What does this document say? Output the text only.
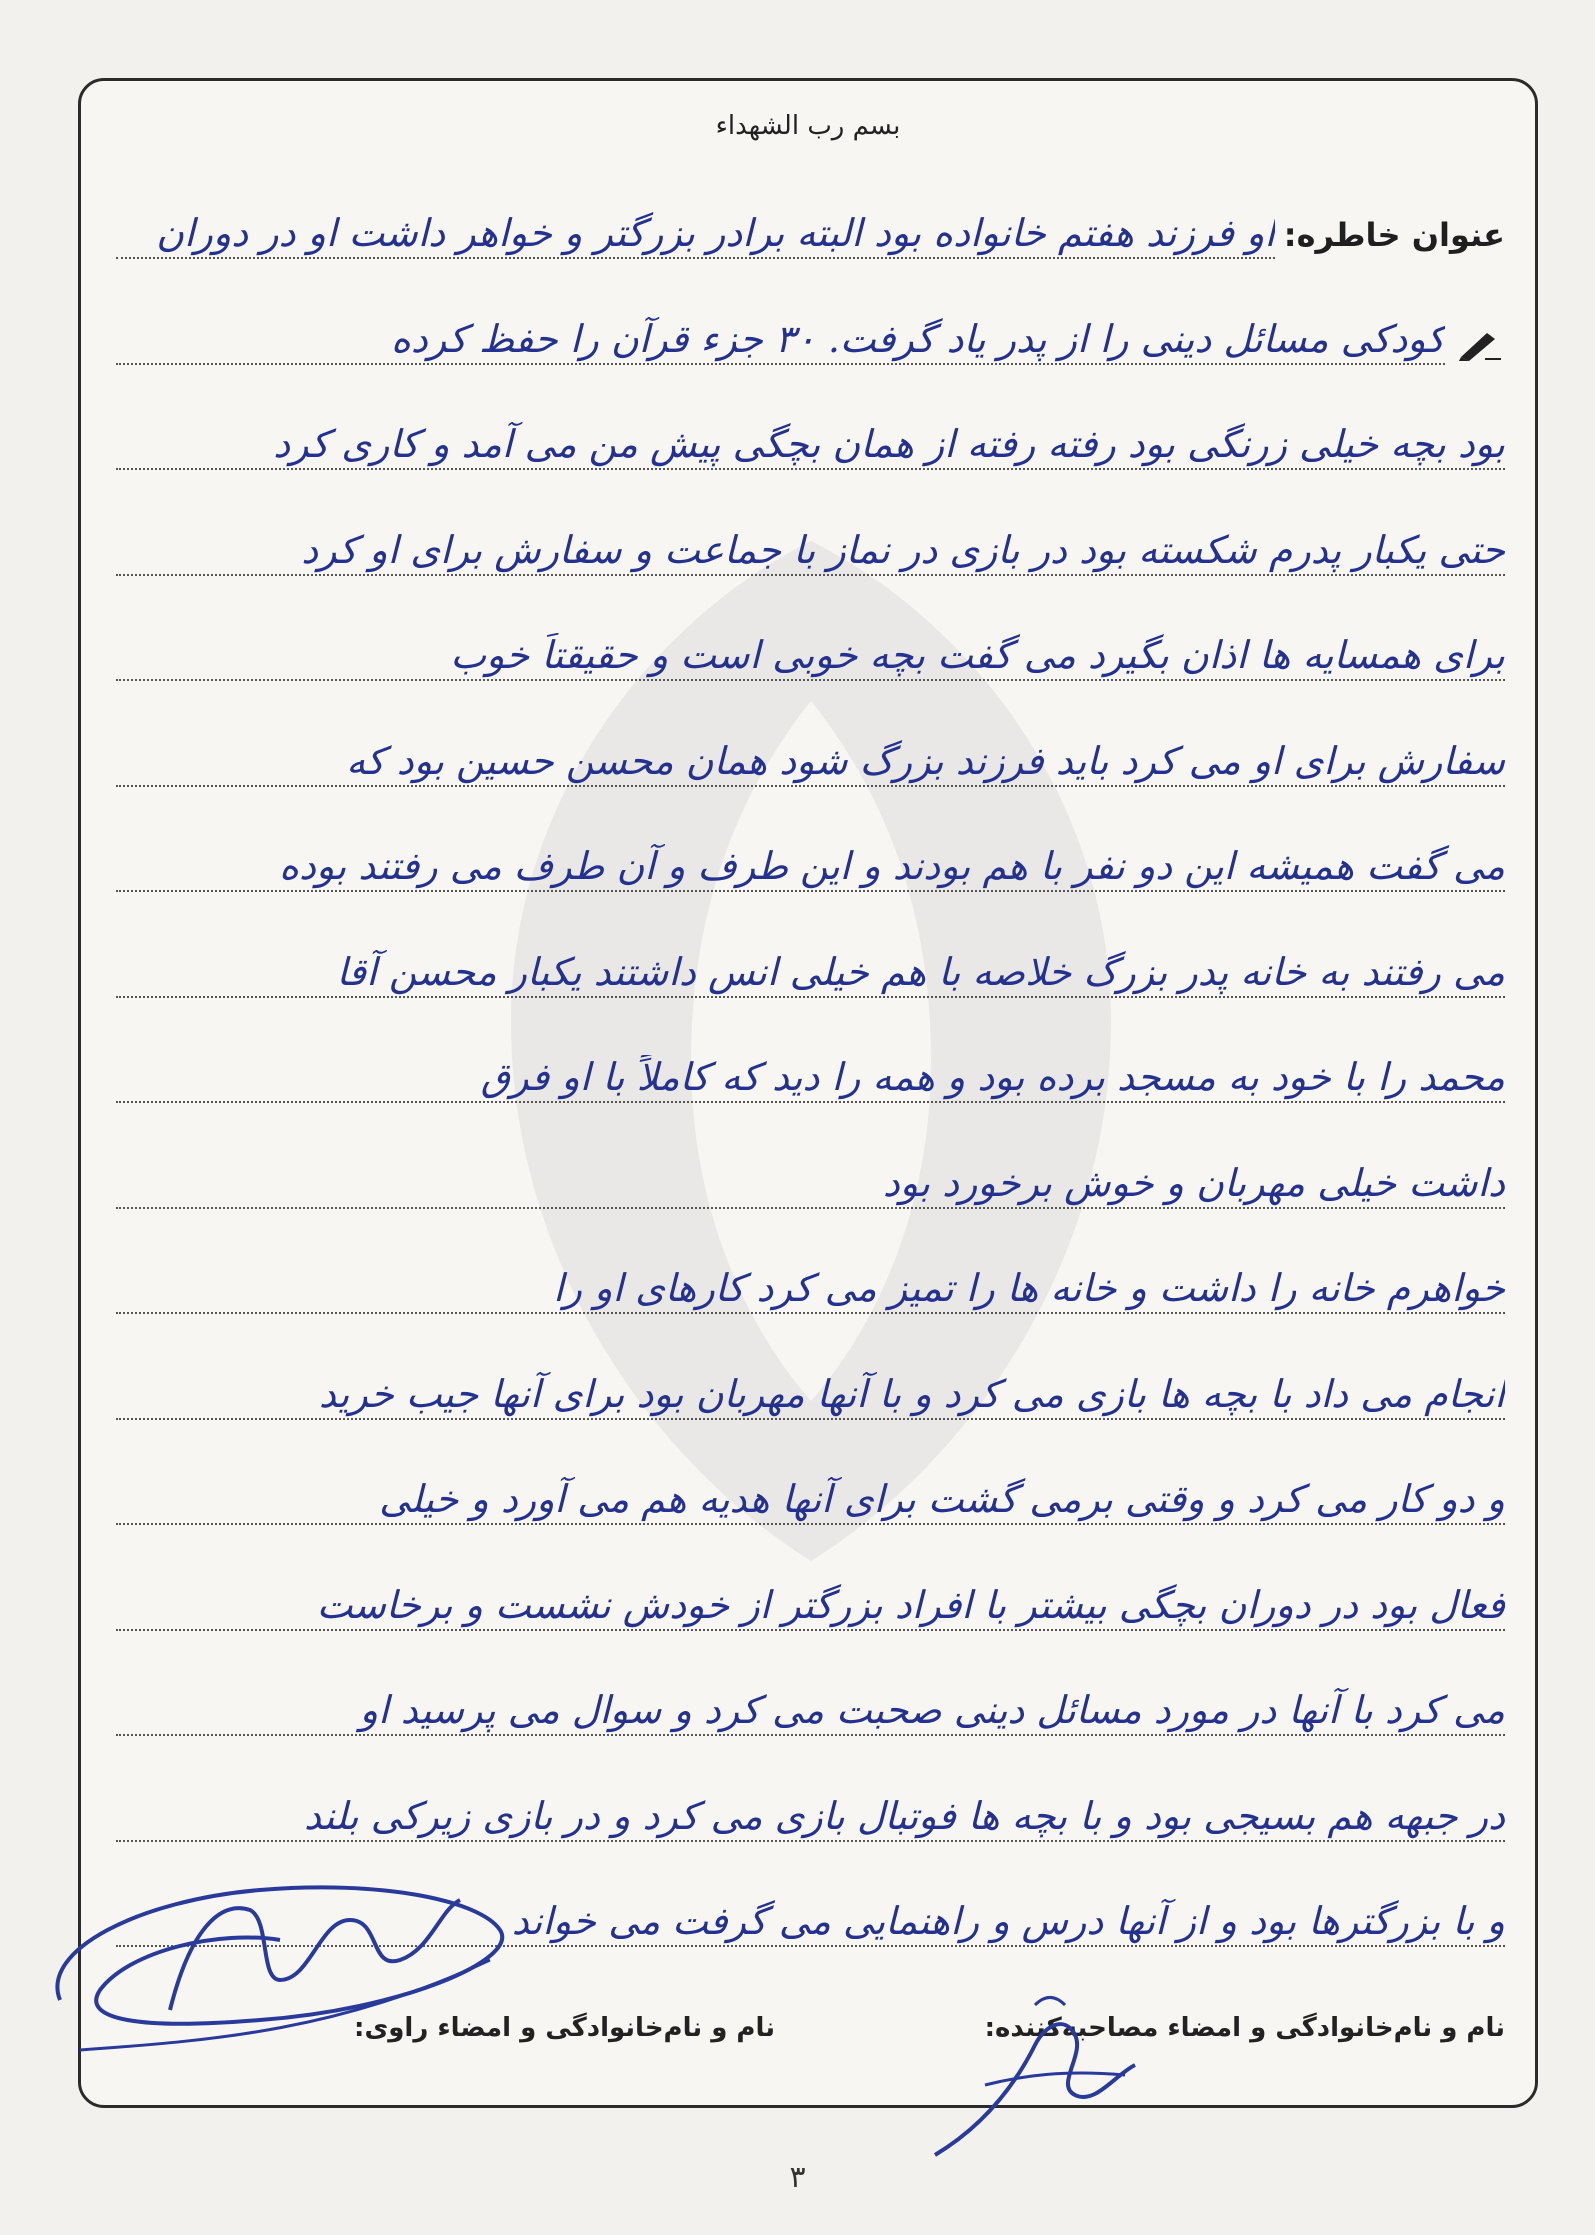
بسم رب الشهداء
عنوان خاطره:
او فرزند هفتم خانواده بود البته برادر بزرگتر و خواهر داشت او در دوران
کودکی مسائل دینی را از پدر یاد گرفت. ۳۰ جزء قرآن را حفظ کرده
بود بچه خیلی زرنگی بود رفته رفته از همان بچگی پیش من می آمد و کاری کرد
حتی یکبار پدرم شکسته بود در بازی در نماز با جماعت و سفارش برای او کرد
برای همسایه ها اذان بگیرد می گفت بچه خوبی است و حقیقتاً خوب
سفارش برای او می کرد باید فرزند بزرگ شود همان محسن حسین بود که
می گفت همیشه این دو نفر با هم بودند و این طرف و آن طرف می رفتند بوده
می رفتند به خانه پدر بزرگ خلاصه با هم خیلی انس داشتند یکبار محسن آقا
محمد را با خود به مسجد برده بود و همه را دید که کاملاً با او فرق
داشت خیلی مهربان و خوش برخورد بود
خواهرم خانه را داشت و خانه ها را تمیز می کرد کارهای او را
انجام می داد با بچه ها بازی می کرد و با آنها مهربان بود برای آنها جیب خرید
و دو کار می کرد و وقتی برمی گشت برای آنها هدیه هم می آورد و خیلی
فعال بود در دوران بچگی بیشتر با افراد بزرگتر از خودش نشست و برخاست
می کرد با آنها در مورد مسائل دینی صحبت می کرد و سوال می پرسید او
در جبهه هم بسیجی بود و با بچه ها فوتبال بازی می کرد و در بازی زیرکی بلند
و با بزرگترها بود و از آنها درس و راهنمایی می گرفت می خواند
نام و نام‌خانوادگی و امضاء مصاحبه‌کننده:
نام و نام‌خانوادگی و امضاء راوی:
۳
